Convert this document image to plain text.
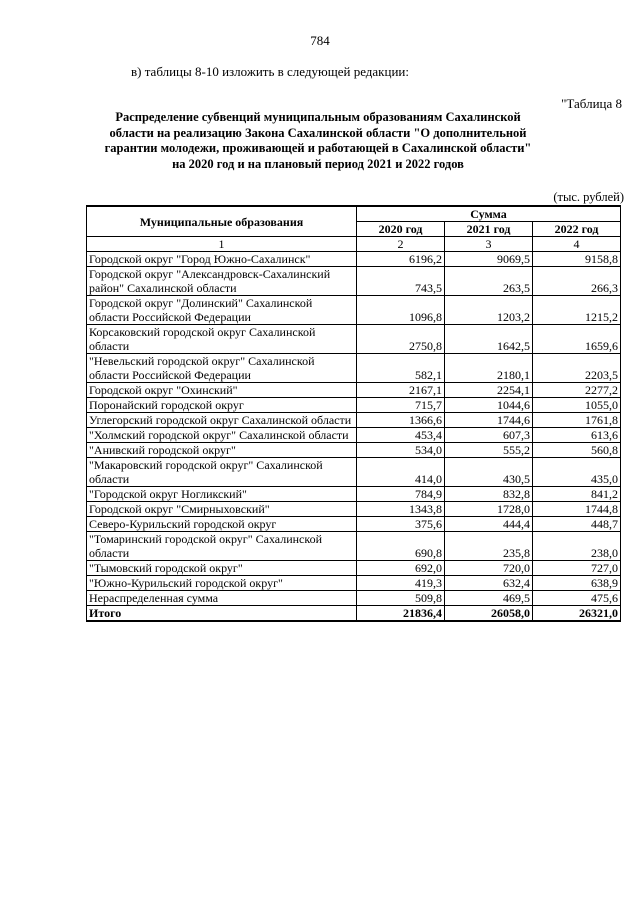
784
в) таблицы 8-10 изложить в следующей редакции:
"Таблица 8
Распределение субвенций муниципальным образованиям Сахалинской области на реализацию Закона Сахалинской области "О дополнительной гарантии молодежи, проживающей и работающей в Сахалинской области" на 2020 год и на плановый период 2021 и 2022 годов
(тыс. рублей)
Муниципальные образования	Сумма		
	2020 год	2021 год	2022 год
1	2	3	4
Городской округ "Город Южно-Сахалинск"	6196,2	9069,5	9158,8
Городской округ "Александровск-Сахалинский район" Сахалинской области	743,5	263,5	266,3
Городской округ "Долинский" Сахалинской области Российской Федерации	1096,8	1203,2	1215,2
Корсаковский городской округ Сахалинской области	2750,8	1642,5	1659,6
"Невельский городской округ" Сахалинской области Российской Федерации	582,1	2180,1	2203,5
Городской округ "Охинский"	2167,1	2254,1	2277,2
Поронайский городской округ	715,7	1044,6	1055,0
Углегорский городской округ Сахалинской области	1366,6	1744,6	1761,8
"Холмский городской округ" Сахалинской области	453,4	607,3	613,6
"Анивский городской округ"	534,0	555,2	560,8
"Макаровский городской округ" Сахалинской области	414,0	430,5	435,0
"Городской округ Ногликский"	784,9	832,8	841,2
Городской округ "Смирныховский"	1343,8	1728,0	1744,8
Северо-Курильский городской округ	375,6	444,4	448,7
"Томаринский городской округ" Сахалинской области	690,8	235,8	238,0
"Тымовский городской округ"	692,0	720,0	727,0
"Южно-Курильский городской округ"	419,3	632,4	638,9
Нераспределенная сумма	509,8	469,5	475,6
Итого	21836,4	26058,0	26321,0
